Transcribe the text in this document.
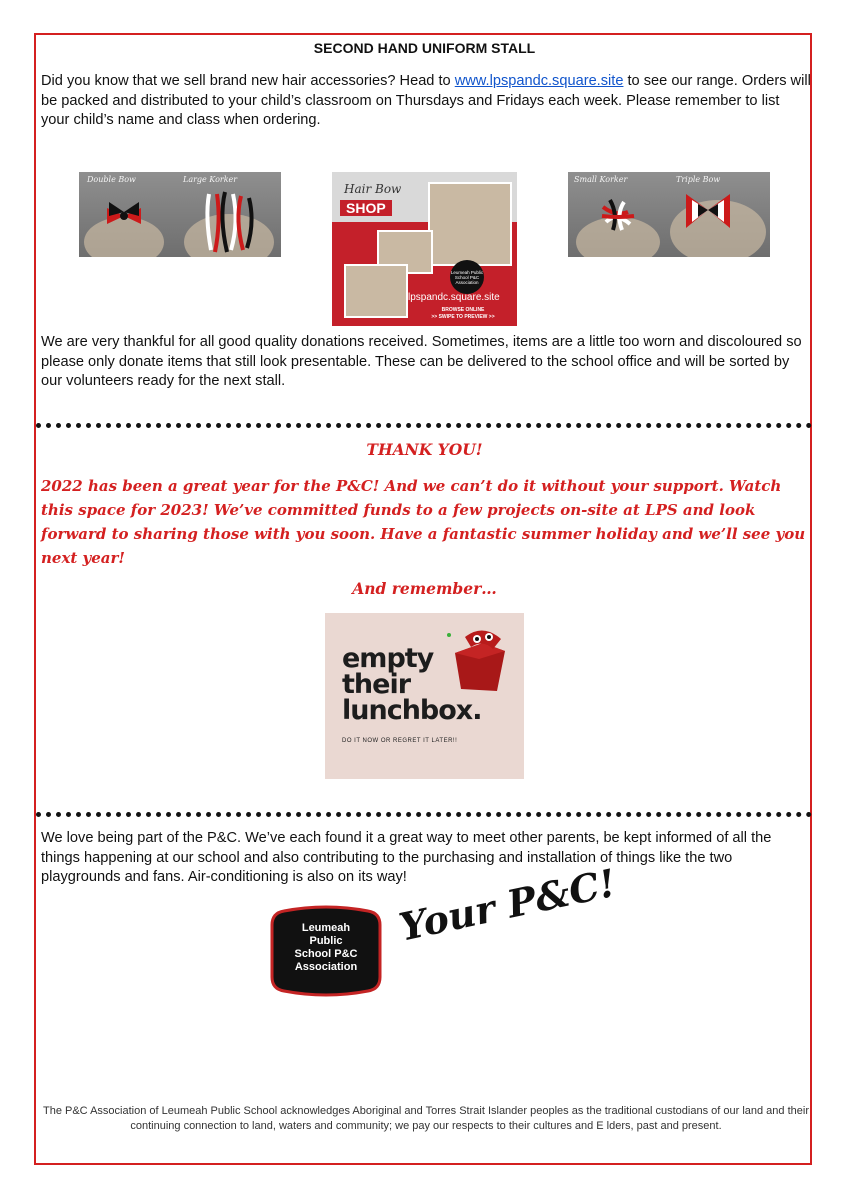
SECOND HAND UNIFORM STALL
Did you know that we sell brand new hair accessories? Head to www.lpspandc.square.site to see our range. Orders will be packed and distributed to your child’s classroom on Thursdays and Fridays each week. Please remember to list your child’s name and class when ordering.
Double Bow	Large Korker
Hair Bow
SHOP
Leumeah Public School P&C Association
lpspandc.square.site
BROWSE ONLINE
>> SWIPE TO PREVIEW >>
Small Korker	Triple Bow
We are very thankful for all good quality donations received. Sometimes, items are a little too worn and discoloured so please only donate items that still look presentable. These can be delivered to the school office and will be sorted by our volunteers ready for the next stall.
THANK YOU!
2022 has been a great year for the P&C! And we can’t do it without your support. Watch this space for 2023! We’ve committed funds to a few projects on-site at LPS and look forward to sharing those with you soon. Have a fantastic summer holiday and we’ll see you next year!
And remember…
empty
their
lunchbox.
DO IT NOW OR REGRET IT LATER!!
We love being part of the P&C. We’ve each found it a great way to meet other parents, be kept informed of all the things happening at our school and also contributing to the purchasing and installation of things like the two playgrounds and fans. Air-conditioning is also on its way!
Leumeah
Public
School P&C
Association
Your P&C!
The P&C Association of Leumeah Public School acknowledges Aboriginal and Torres Strait Islander peoples as the traditional custodians of our land and their continuing connection to land, waters and community; we pay our respects to their cultures and E lders, past and present.
